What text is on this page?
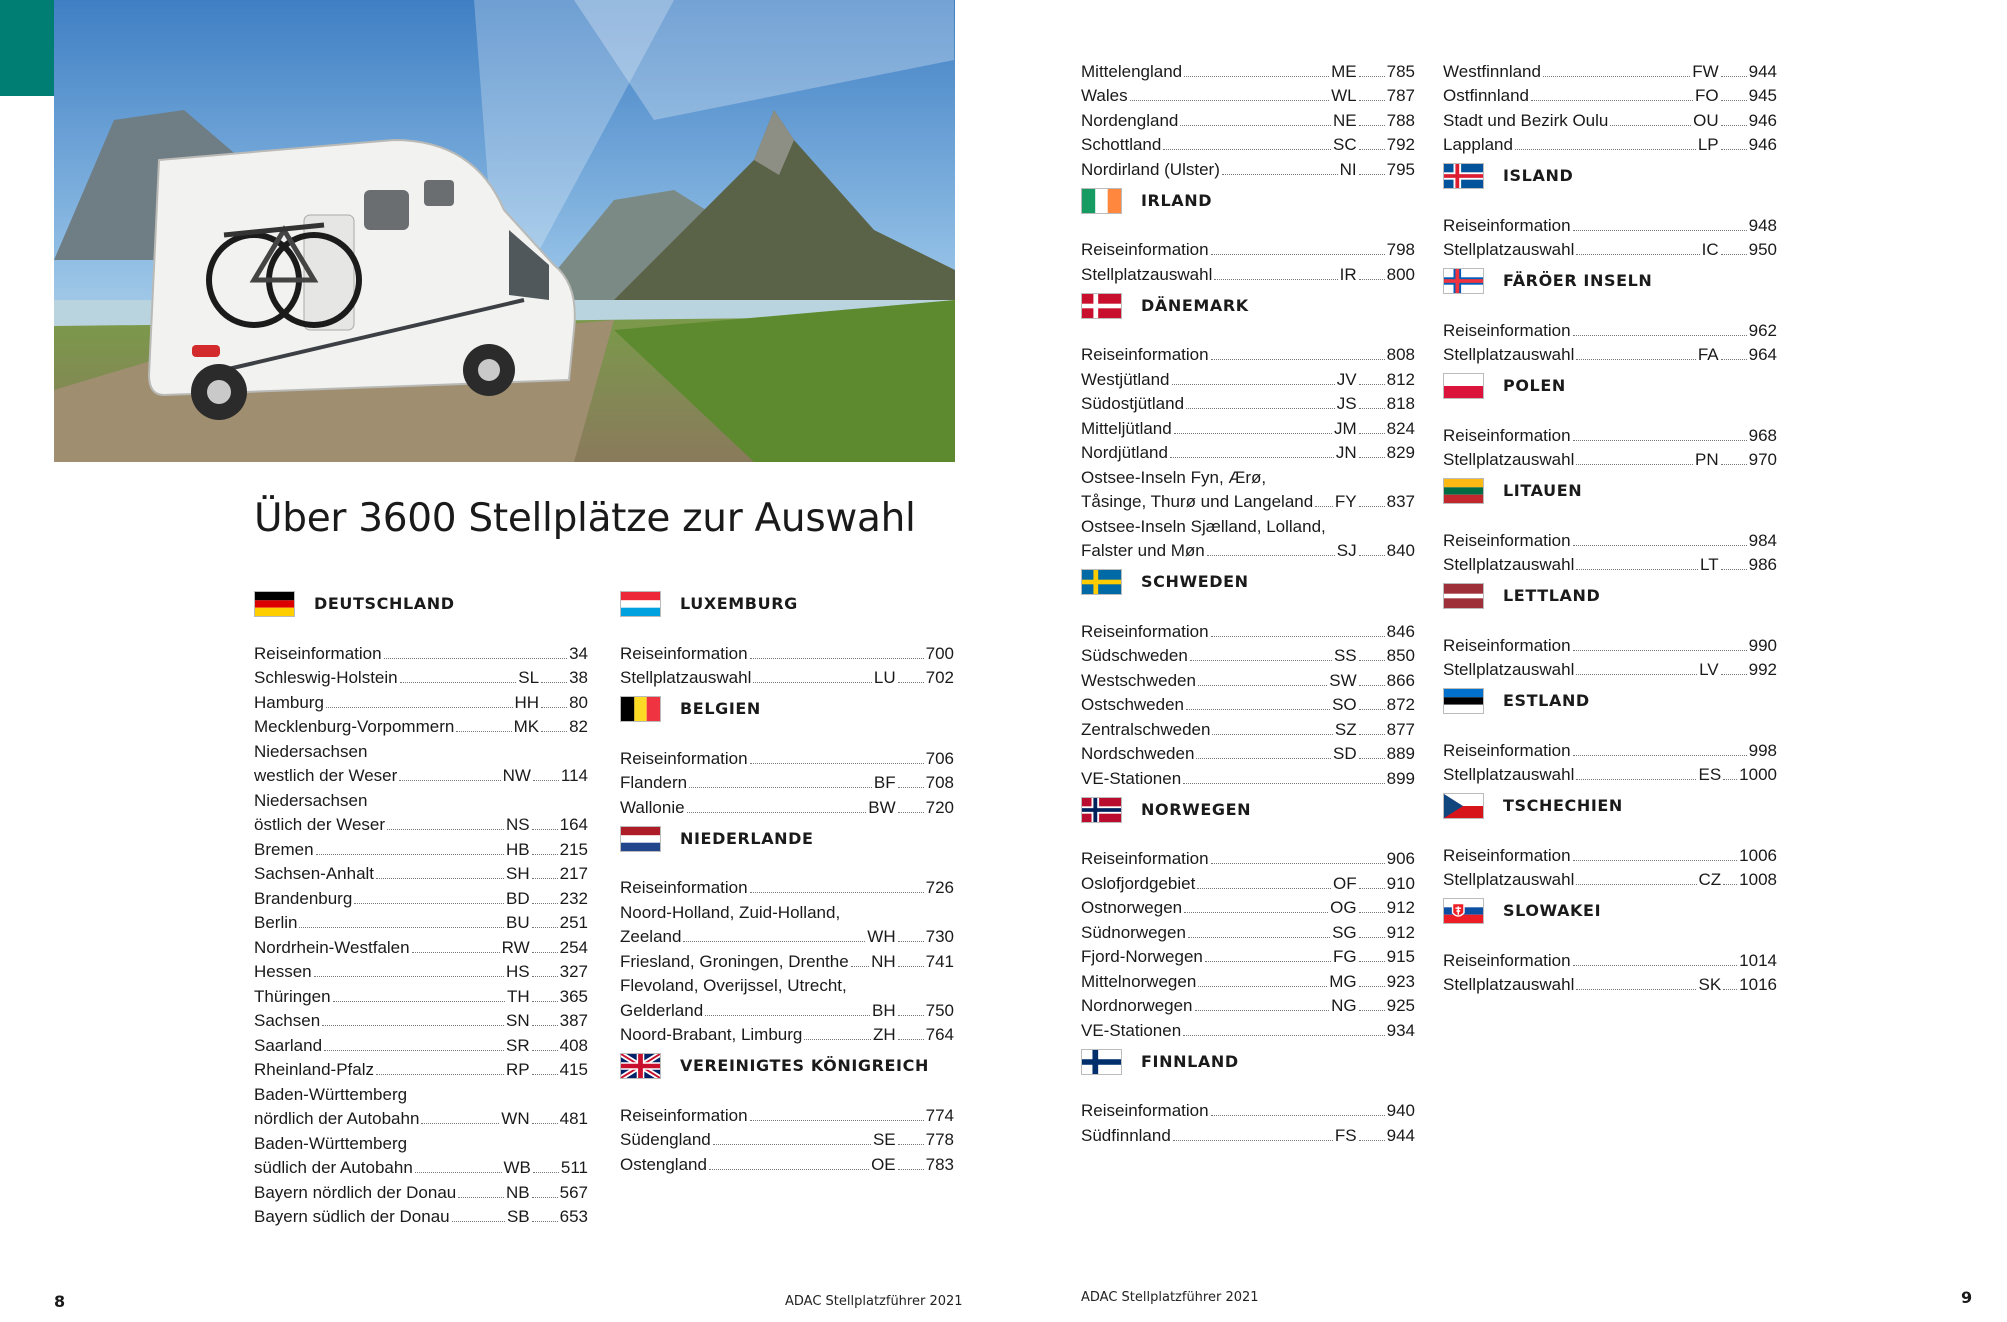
Über 3600 Stellplätze zur Auswahl
DEUTSCHLAND
Reiseinformation	34
Schleswig-Holstein	SL 38
Hamburg	HH 80
Mecklenburg-Vorpommern	MK 82
Niedersachsen
westlich der Weser	NW 114
Niedersachsen
östlich der Weser	NS 164
Bremen	HB 215
Sachsen-Anhalt	SH 217
Brandenburg	BD 232
Berlin	BU 251
Nordrhein-Westfalen	RW 254
Hessen	HS 327
Thüringen	TH 365
Sachsen	SN 387
Saarland	SR 408
Rheinland-Pfalz	RP 415
Baden-Württemberg
nördlich der Autobahn	WN 481
Baden-Württemberg
südlich der Autobahn	WB 511
Bayern nördlich der Donau	NB 567
Bayern südlich der Donau	SB 653
LUXEMBURG
Reiseinformation	700
Stellplatzauswahl	LU 702
BELGIEN
Reiseinformation	706
Flandern	BF 708
Wallonie	BW 720
NIEDERLANDE
Reiseinformation	726
Noord-Holland, Zuid-Holland,
Zeeland	WH 730
Friesland, Groningen, Drenthe NH 741
Flevoland, Overijssel, Utrecht,
Gelderland	BH 750
Noord-Brabant, Limburg	ZH 764
VEREINIGTES KÖNIGREICH
Reiseinformation	774
Südengland	SE 778
Ostengland	OE 783
Mittelengland	ME 785
Wales	WL 787
Nordengland	NE 788
Schottland	SC 792
Nordirland (Ulster)	NI 795
IRLAND
Reiseinformation	798
Stellplatzauswahl	IR 800
DÄNEMARK
Reiseinformation	808
Westjütland	JV 812
Südostjütland	JS 818
Mitteljütland	JM 824
Nordjütland	JN 829
Ostsee-Inseln Fyn, Ærø,
Tåsinge, Thurø und Langeland FY 837
Ostsee-Inseln Sjælland, Lolland,
Falster und Møn	SJ 840
SCHWEDEN
Reiseinformation	846
Südschweden	SS 850
Westschweden	SW 866
Ostschweden	SO 872
Zentralschweden	SZ 877
Nordschweden	SD 889
VE-Stationen	899
NORWEGEN
Reiseinformation	906
Oslofjordgebiet	OF 910
Ostnorwegen	OG 912
Südnorwegen	SG 912
Fjord-Norwegen	FG 915
Mittelnorwegen	MG 923
Nordnorwegen	NG 925
VE-Stationen	934
FINNLAND
Reiseinformation	940
Südfinnland	FS 944
Westfinnland	FW 944
Ostfinnland	FO 945
Stadt und Bezirk Oulu	OU 946
Lappland	LP 946
ISLAND
Reiseinformation	948
Stellplatzauswahl	IC 950
FÄRÖER INSELN
Reiseinformation	962
Stellplatzauswahl	FA 964
POLEN
Reiseinformation	968
Stellplatzauswahl	PN 970
LITAUEN
Reiseinformation	984
Stellplatzauswahl	LT 986
LETTLAND
Reiseinformation	990
Stellplatzauswahl	LV 992
ESTLAND
Reiseinformation	998
Stellplatzauswahl	ES 1000
TSCHECHIEN
Reiseinformation	1006
Stellplatzauswahl	CZ 1008
SLOWAKEI
Reiseinformation	1014
Stellplatzauswahl	SK 1016
8	ADAC Stellplatzführer 2021	ADAC Stellplatzführer 2021	9
